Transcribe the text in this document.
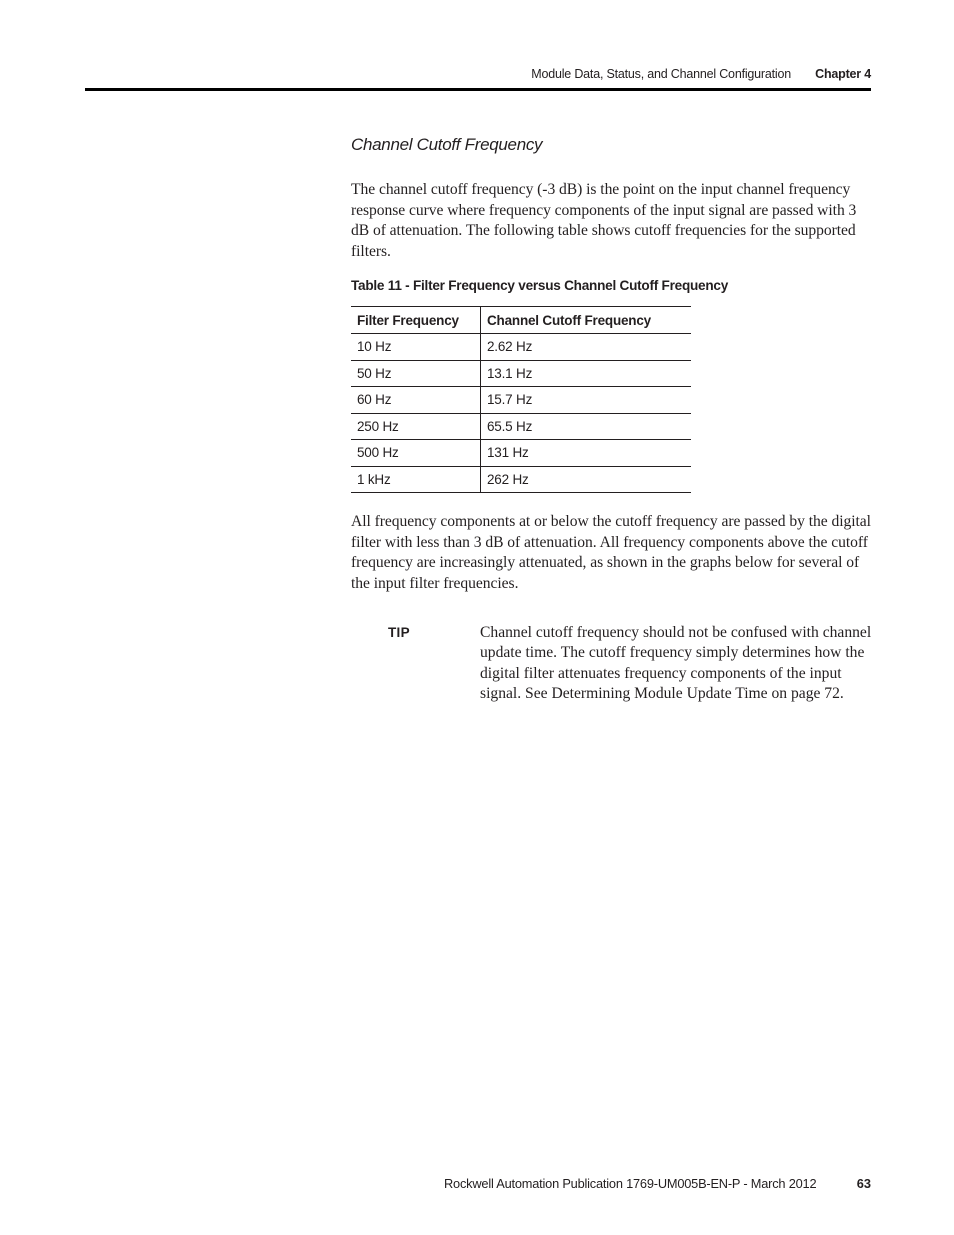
Module Data, Status, and Channel Configuration Chapter 4
Channel Cutoff Frequency
The channel cutoff frequency (-3 dB) is the point on the input channel frequency response curve where frequency components of the input signal are passed with 3 dB of attenuation. The following table shows cutoff frequencies for the supported filters.
Table 11 - Filter Frequency versus Channel Cutoff Frequency
Filter Frequency	Channel Cutoff Frequency
10 Hz	2.62 Hz
50 Hz	13.1 Hz
60 Hz	15.7 Hz
250 Hz	65.5 Hz
500 Hz	131 Hz
1 kHz	262 Hz
All frequency components at or below the cutoff frequency are passed by the digital filter with less than 3 dB of attenuation. All frequency components above the cutoff frequency are increasingly attenuated, as shown in the graphs below for several of the input filter frequencies.
TIP	Channel cutoff frequency should not be confused with channel update time. The cutoff frequency simply determines how the digital filter attenuates frequency components of the input signal. See Determining Module Update Time on page 72.
Rockwell Automation Publication 1769-UM005B-EN-P - March 2012	63
